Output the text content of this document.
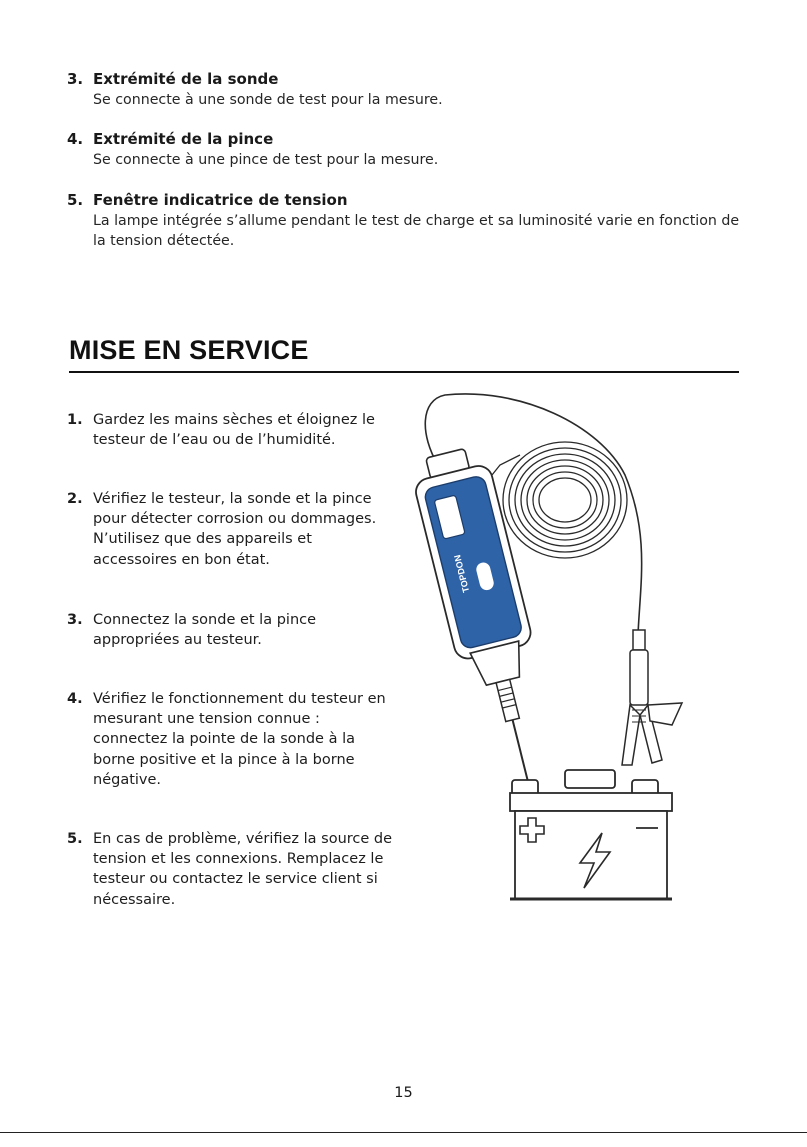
3. Extrémité de la sonde
Se connecte à une sonde de test pour la mesure.
4. Extrémité de la pince
Se connecte à une pince de test pour la mesure.
5. Fenêtre indicatrice de tension
La lampe intégrée s’allume pendant le test de charge et sa luminosité varie en fonction de la tension détectée.
MISE EN SERVICE
1. Gardez les mains sèches et éloignez le testeur de l’eau ou de l’humidité.
2. Vérifiez le testeur, la sonde et la pince pour détecter corrosion ou dommages. N’utilisez que des appareils et accessoires en bon état.
3. Connectez la sonde et la pince appropriées au testeur.
4. Vérifiez le fonctionnement du testeur en mesurant une tension connue : connectez la pointe de la sonde à la borne positive et la pince à la borne négative.
5. En cas de problème, vérifiez la source de tension et les connexions. Remplacez le testeur ou contactez le service client si nécessaire.
TOPDON
15
